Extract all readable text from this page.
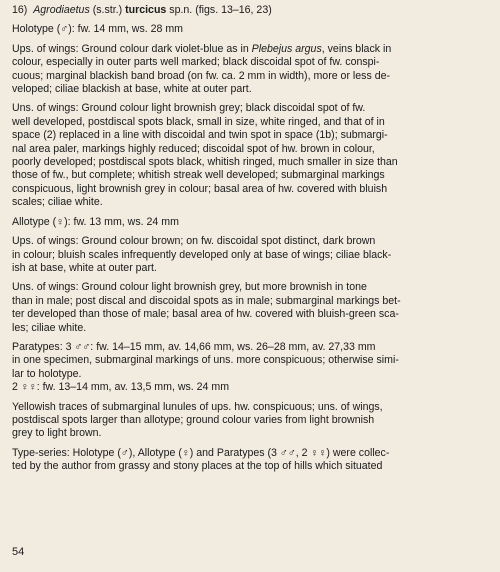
16) Agrodiaetus (s.str.) turcicus sp.n. (figs. 13–16, 23)

Holotype (♂): fw. 14 mm, ws. 28 mm

Ups. of wings: Ground colour dark violet-blue as in Plebejus argus, veins black in

colour, especially in outer parts well marked; black discoidal spot of fw. conspi-

cuous; marginal blackish band broad (on fw. ca. 2 mm in width), more or less de-

veloped; ciliae blackish at base, white at outer part.

Uns. of wings: Ground colour light brownish grey; black discoidal spot of fw.

well developed, postdiscal spots black, small in size, white ringed, and that of in

space (2) replaced in a line with discoidal and twin spot in space (1b); submargi-

nal area paler, markings highly reduced; discoidal spot of hw. brown in colour,

poorly developed; postdiscal spots black, whitish ringed, much smaller in size than

those of fw., but complete; whitish streak well developed; submarginal markings

conspicuous, light brownish grey in colour; basal area of hw. covered with bluish

scales; ciliae white.

Allotype (♀): fw. 13 mm, ws. 24 mm

Ups. of wings: Ground colour brown; on fw. discoidal spot distinct, dark brown

in colour; bluish scales infrequently developed only at base of wings; ciliae black-

ish at base, white at outer part.

Uns. of wings: Ground colour light brownish grey, but more brownish in tone

than in male; post discal and discoidal spots as in male; submarginal markings bet-

ter developed than those of male; basal area of hw. covered with bluish-green sca-

les; ciliae white.

Paratypes: 3 ♂♂: fw. 14–15 mm, av. 14,66 mm, ws. 26–28 mm, av. 27,33 mm

in one specimen, submarginal markings of uns. more conspicuous; otherwise simi-

lar to holotype.

2 ♀♀: fw. 13–14 mm, av. 13,5 mm, ws. 24 mm

Yellowish traces of submarginal lunules of ups. hw. conspicuous; uns. of wings,

postdiscal spots larger than allotype; ground colour varies from light brownish

grey to light brown.

Type-series: Holotype (♂), Allotype (♀) and Paratypes (3 ♂♂, 2 ♀♀) were collec-

ted by the author from grassy and stony places at the top of hills which situated

54
